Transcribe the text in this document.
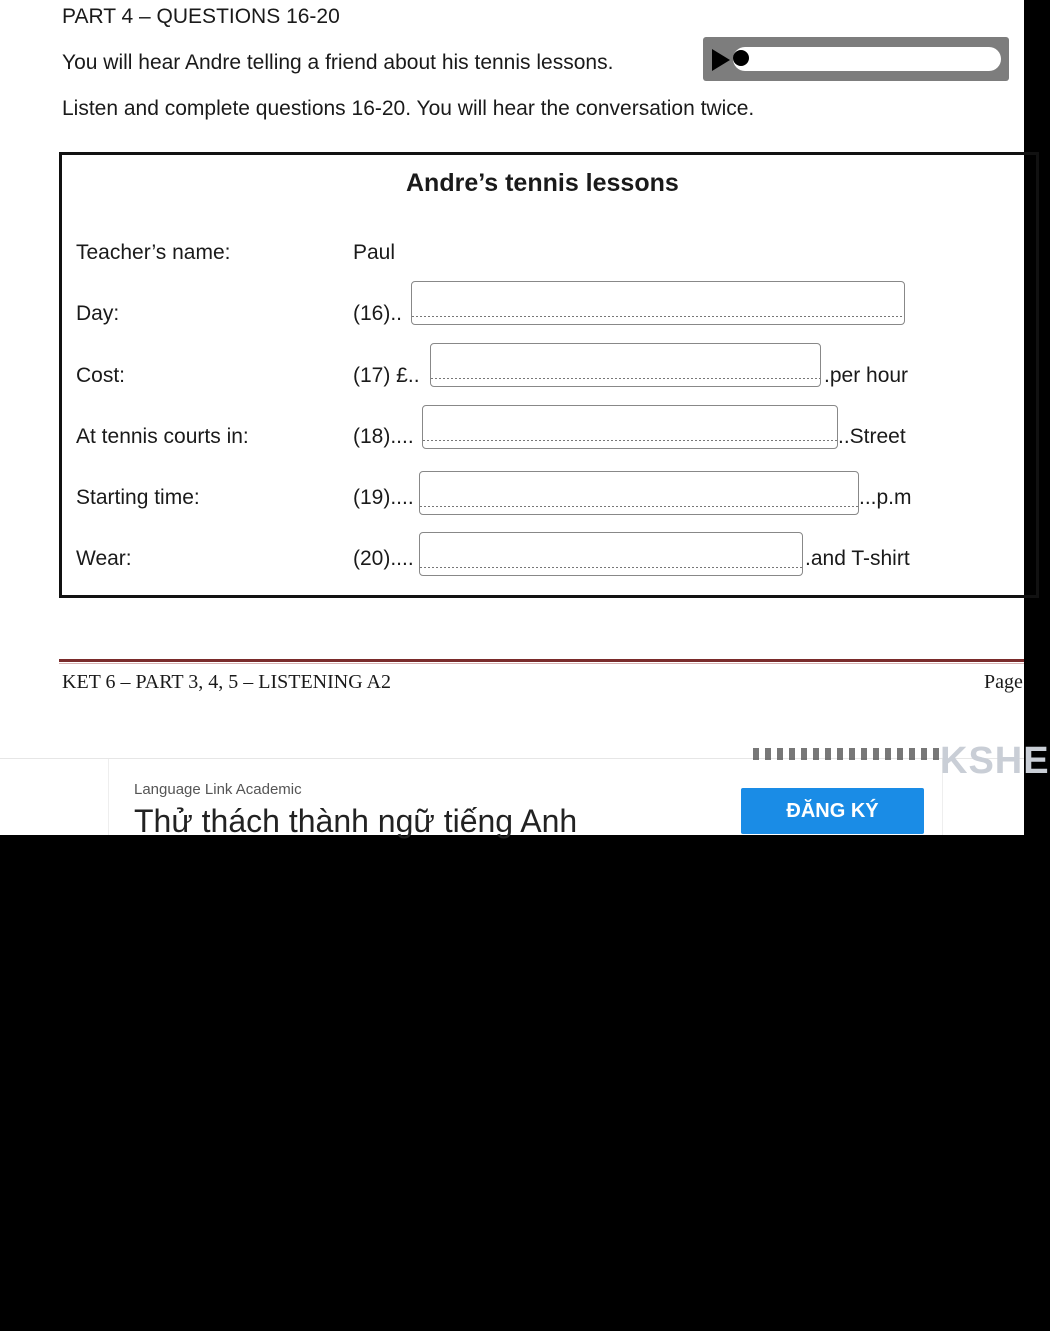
PART 4 – QUESTIONS 16-20
You will hear Andre telling a friend about his tennis lessons.
Listen and complete questions 16-20. You will hear the conversation twice.
Andre’s tennis lessons
Teacher’s name:	Paul
Day:	(16)..
Cost:	(17) £..	.per hour
At tennis courts in:	(18)....	..Street
Starting time:	(19)....	...p.m
Wear:	(20)....	.and T-shirt
KET 6 – PART 3, 4, 5 – LISTENING A2	Page
Language Link Academic
Thử thách thành ngữ tiếng Anh	ĐĂNG KÝ
KSHE
